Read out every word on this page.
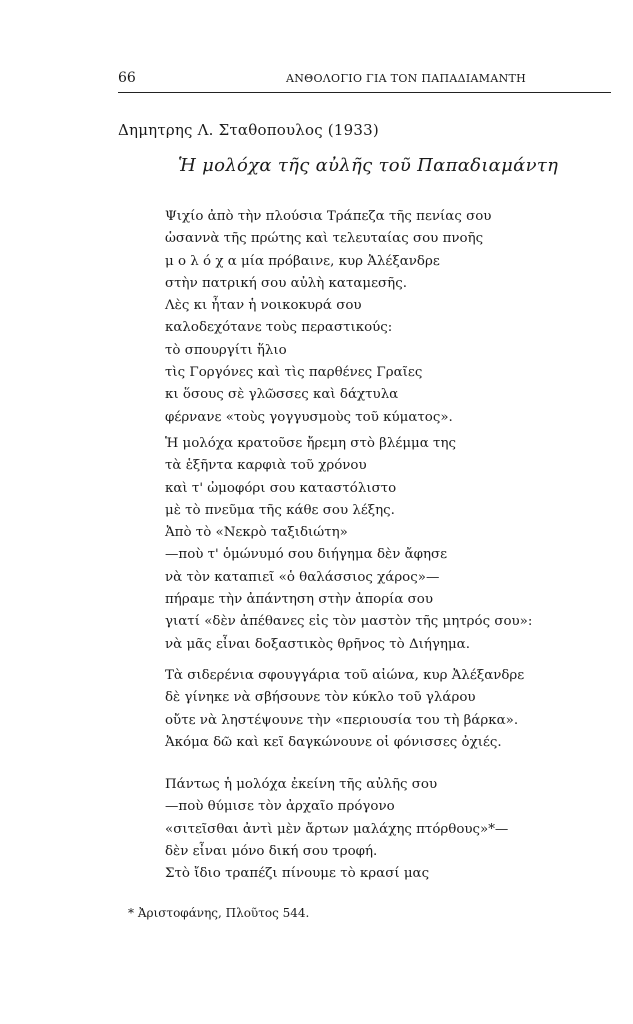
66	ΑΝΘΟΛΟΓΙΟ ΓΙΑ ΤΟΝ ΠΑΠΑΔΙΑΜΑΝΤΗ
Δημητρης Λ. Σταθοπουλος (1933)
Ἡ μολόχα τῆς αὐλῆς τοῦ Παπαδιαμάντη
Ψιχίο ἀπὸ τὴν πλούσια Τράπεζα τῆς πενίας σου
ὡσαννὰ τῆς πρώτης καὶ τελευταίας σου πνοῆς
μ ο λ ό χ α μία πρόβαινε, κυρ Ἀλέξανδρε
στὴν πατρική σου αὐλὴ καταμεσῆς.
Λὲς κι ἦταν ἡ νοικοκυρά σου
καλοδεχότανε τοὺς περαστικούς:
τὸ σπουργίτι ἥλιο
τὶς Γοργόνες καὶ τὶς παρθένες Γραῖες
κι ὅσους σὲ γλῶσσες καὶ δάχτυλα
φέρνανε «τοὺς γογγυσμοὺς τοῦ κύματος».
Ἡ μολόχα κρατοῦσε ἤρεμη στὸ βλέμμα της
τὰ ἑξῆντα καρφιὰ τοῦ χρόνου
καὶ τ' ὠμοφόρι σου καταστόλιστο
μὲ τὸ πνεῦμα τῆς κάθε σου λέξης.
Ἀπὸ τὸ «Νεκρὸ ταξιδιώτη»
—ποὺ τ' ὁμώνυμό σου διήγημα δὲν ἄφησε
νὰ τὸν καταπιεῖ «ὁ θαλάσσιος χάρος»—
πήραμε τὴν ἀπάντηση στὴν ἀπορία σου
γιατί «δὲν ἀπέθανες εἰς τὸν μαστὸν τῆς μητρός σου»:
νὰ μᾶς εἶναι δοξαστικὸς θρῆνος τὸ Διήγημα.
Τὰ σιδερένια σφουγγάρια τοῦ αἰώνα, κυρ Ἀλέξανδρε
δὲ γίνηκε νὰ σβήσουνε τὸν κύκλο τοῦ γλάρου
οὔτε νὰ ληστέψουνε τὴν «περιουσία του τὴ βάρκα».
Ἀκόμα δῶ καὶ κεῖ δαγκώνουνε οἱ φόνισσες ὀχιές.
Πάντως ἡ μολόχα ἐκείνη τῆς αὐλῆς σου
—ποὺ θύμισε τὸν ἀρχαῖο πρόγονο
«σιτεῖσθαι ἀντὶ μὲν ἄρτων μαλάχης πτόρθους»*—
δὲν εἶναι μόνο δική σου τροφή.
Στὸ ἴδιο τραπέζι πίνουμε τὸ κρασί μας
* Ἀριστοφάνης, Πλοῦτος 544.
